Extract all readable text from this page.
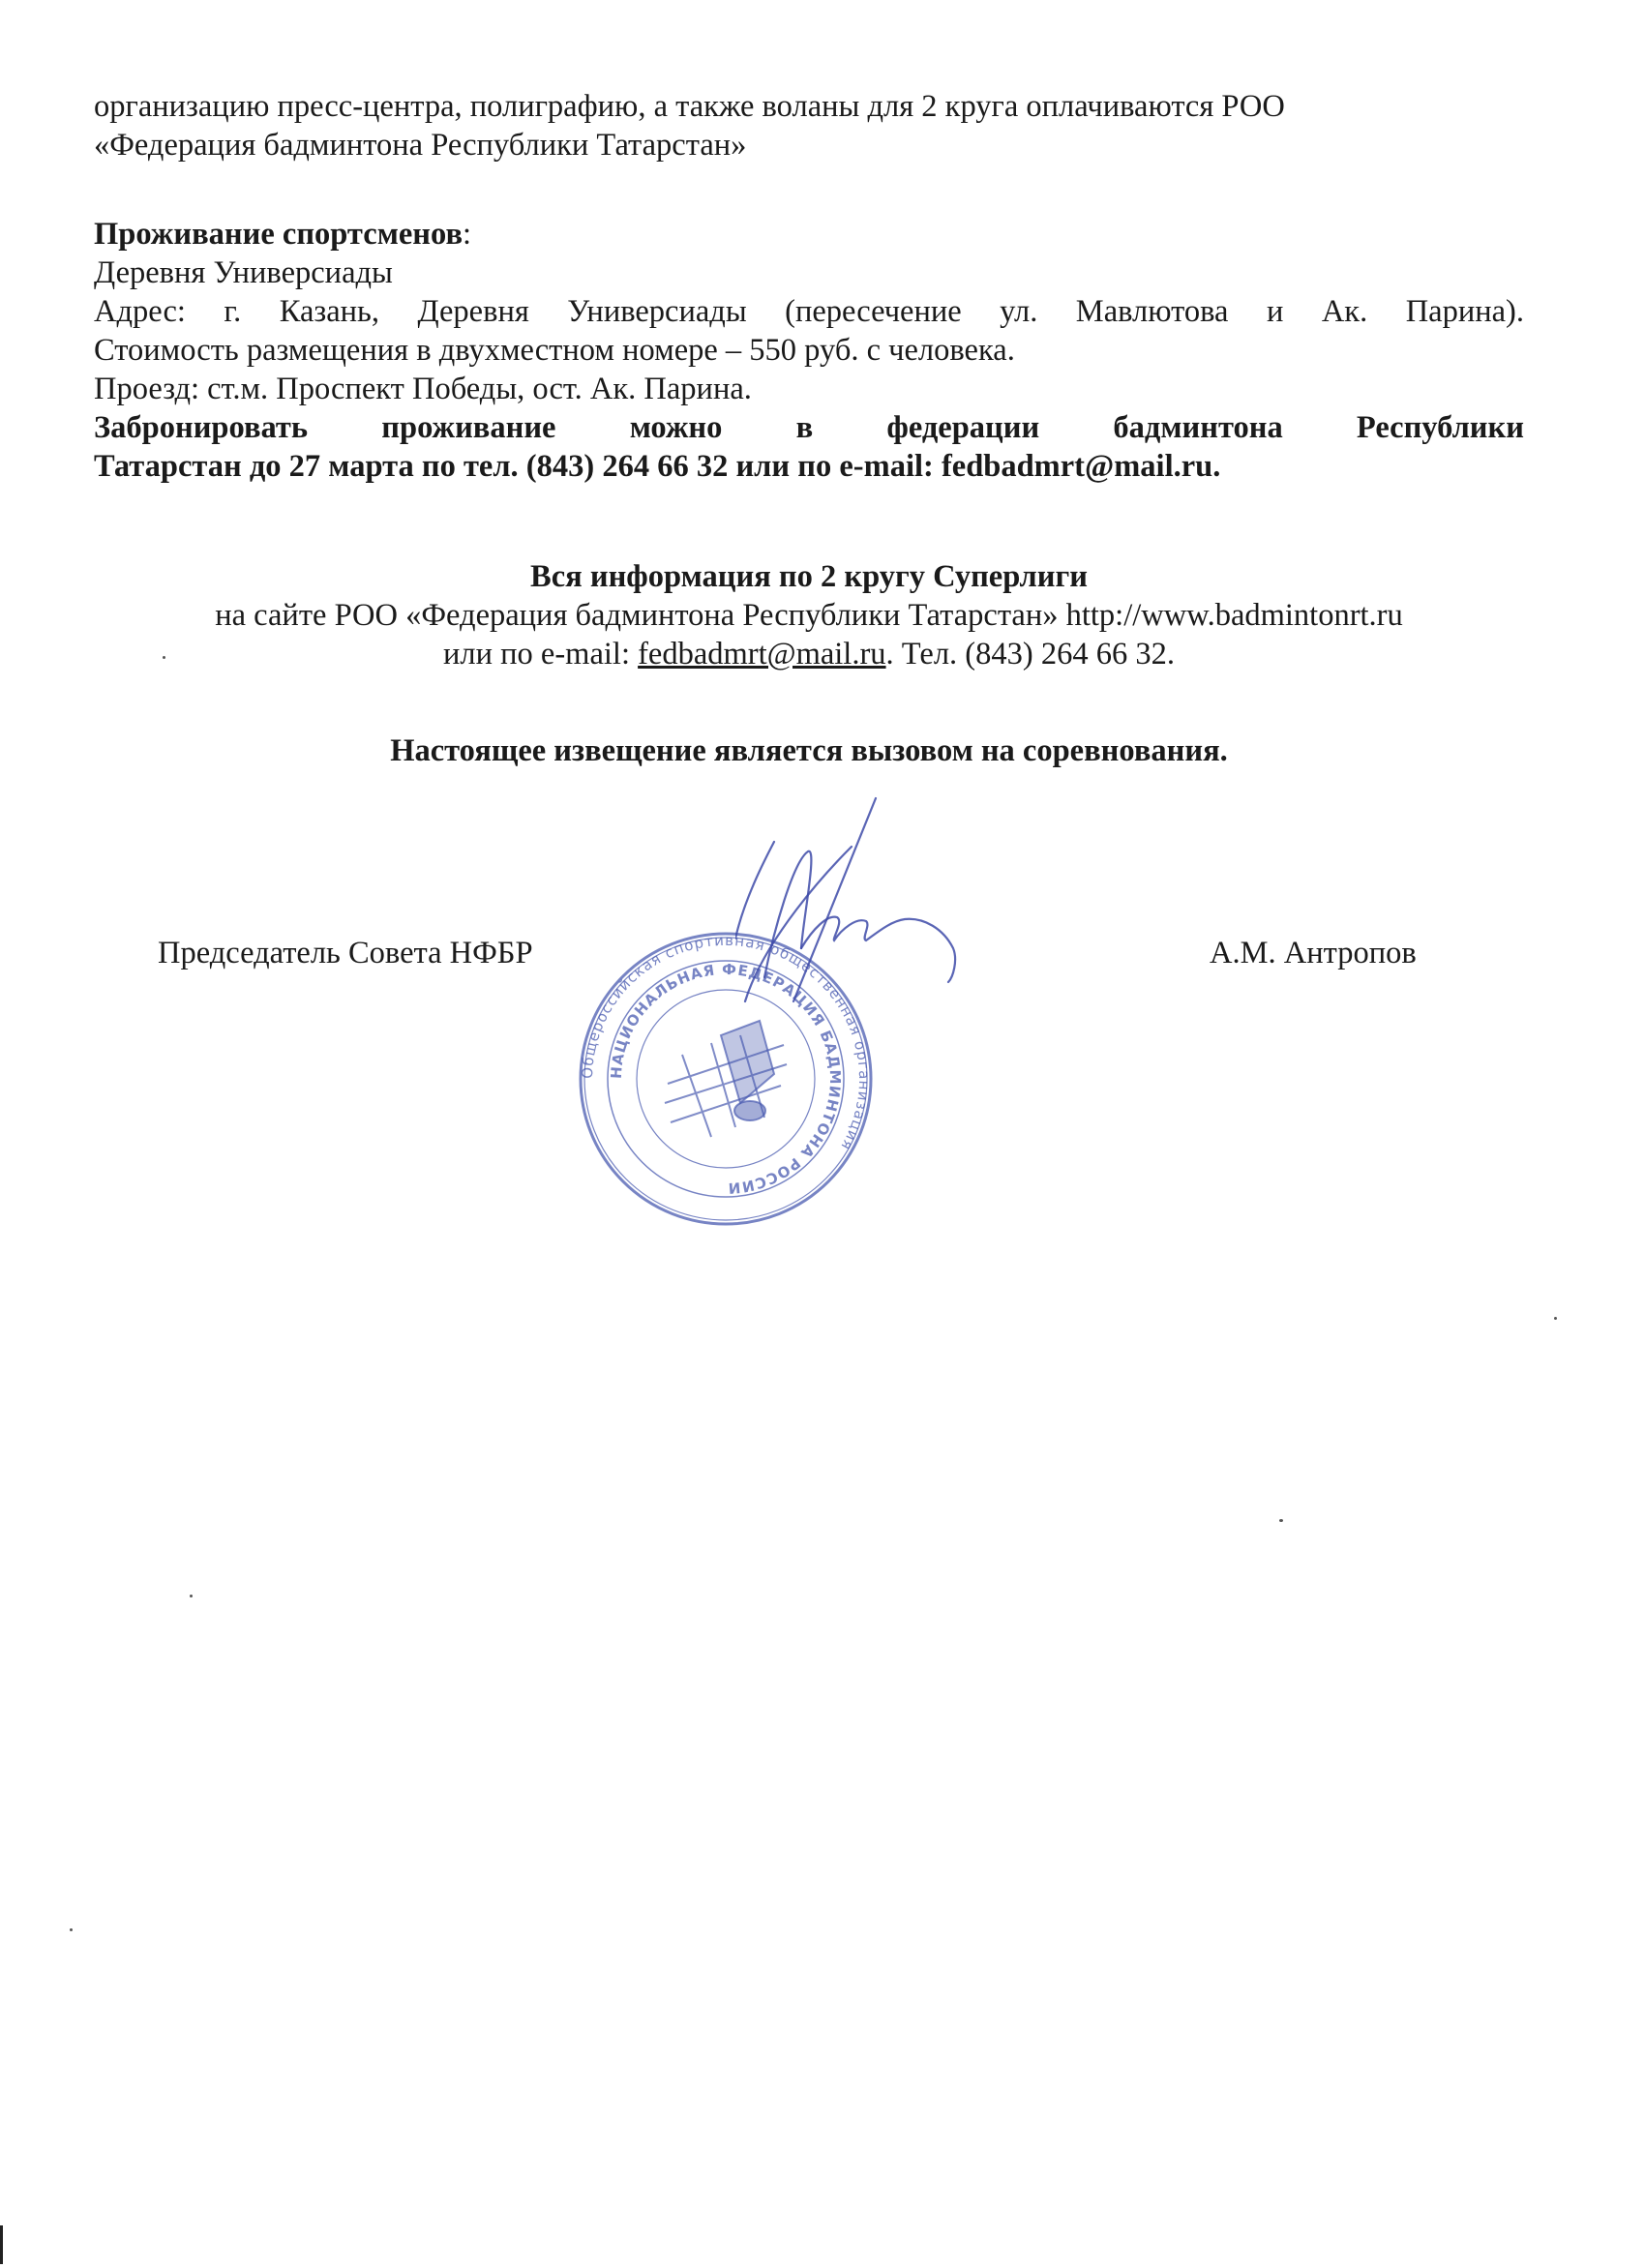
организацию пресс-центра, полиграфию, а также воланы для 2 круга оплачиваются РОО
«Федерация бадминтона Республики Татарстан»
Проживание спортсменов:
Деревня Универсиады
Адрес: г. Казань, Деревня Универсиады (пересечение ул. Мавлютова и Ак. Парина).
Стоимость размещения в двухместном номере – 550 руб. с человека.
Проезд: ст.м. Проспект Победы, ост. Ак. Парина.
Забронировать проживание можно в федерации бадминтона Республики
Татарстан до 27 марта по тел. (843) 264 66 32 или по e-mail: fedbadmrt@mail.ru.
Вся информация по 2 кругу Суперлиги
на сайте РОО «Федерация бадминтона Республики Татарстан» http://www.badmintonrt.ru
или по e-mail: fedbadmrt@mail.ru. Тел. (843) 264 66 32.
Настоящее извещение является вызовом на соревнования.
Общероссийская спортивная общественная организация
НАЦИОНАЛЬНАЯ ФЕДЕРАЦИЯ БАДМИНТОНА РОССИИ
Председатель Совета НФБР	А.М. Антропов
